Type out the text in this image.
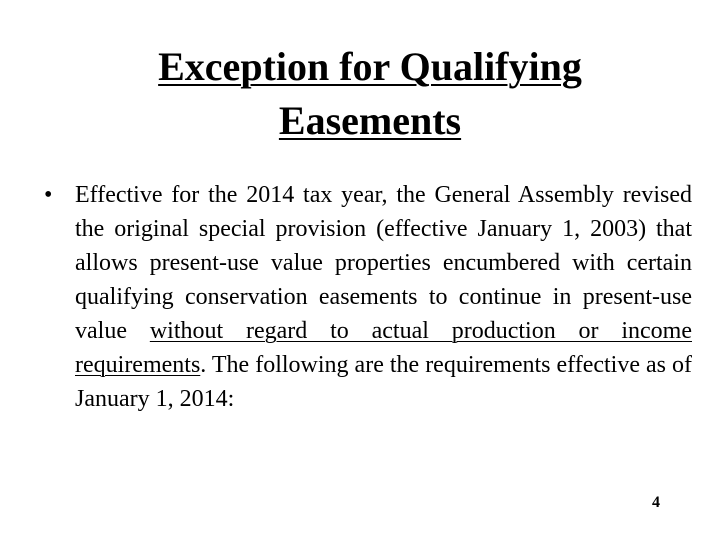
Exception for Qualifying
Easements
• Effective for the 2014 tax year, the General Assembly revised the original special provision (effective January 1, 2003) that allows present-use value properties encumbered with certain qualifying conservation easements to continue in present-use value without regard to actual production or income requirements. The following are the requirements effective as of January 1, 2014:
4
